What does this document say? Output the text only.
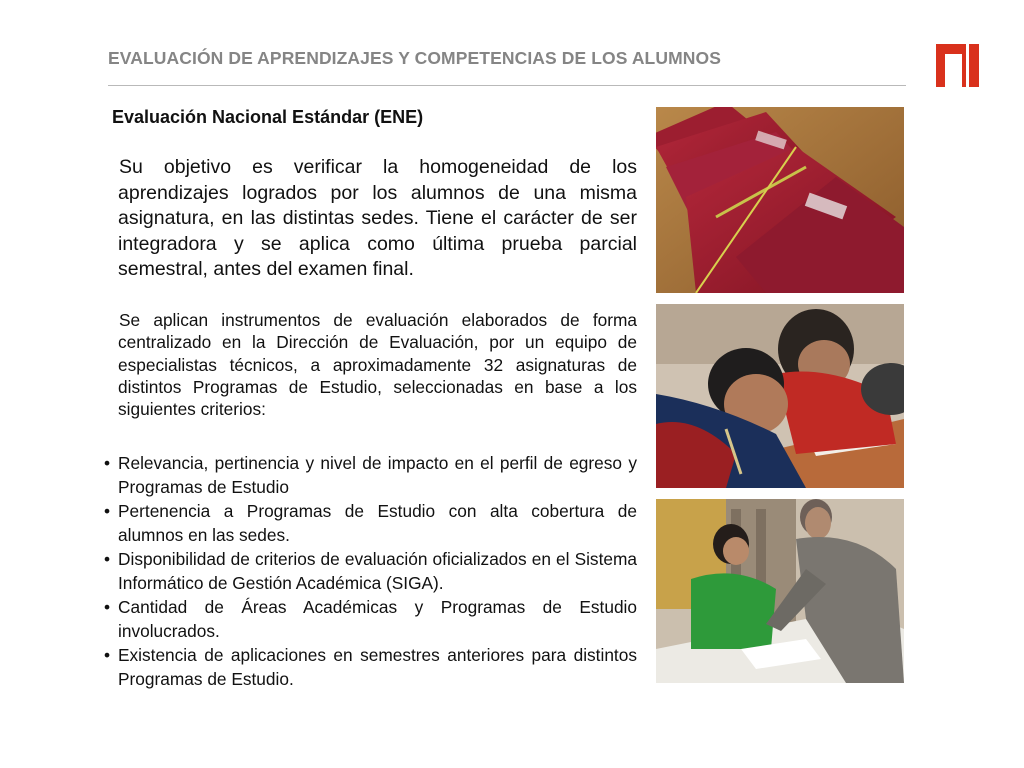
EVALUACIÓN DE APRENDIZAJES Y COMPETENCIAS DE LOS ALUMNOS
Evaluación Nacional Estándar (ENE)

Su objetivo es verificar la homogeneidad de los aprendizajes logrados por los alumnos de una misma asignatura, en las distintas sedes. Tiene el carácter de ser integradora y se aplica como última prueba parcial semestral, antes del examen final.

Se aplican instrumentos de evaluación elaborados de forma centralizado en la Dirección de Evaluación, por un equipo de especialistas técnicos, a aproximadamente 32 asignaturas de distintos Programas de Estudio, seleccionadas en base a los siguientes criterios:

• Relevancia, pertinencia y nivel de impacto en el perfil de egreso y Programas de Estudio
• Pertenencia a Programas de Estudio con alta cobertura de alumnos en las sedes.
• Disponibilidad de criterios de evaluación oficializados en el Sistema Informático de Gestión Académica (SIGA).
• Cantidad de Áreas Académicas y Programas de Estudio involucrados.
• Existencia de aplicaciones en semestres anteriores para distintos Programas de Estudio.
